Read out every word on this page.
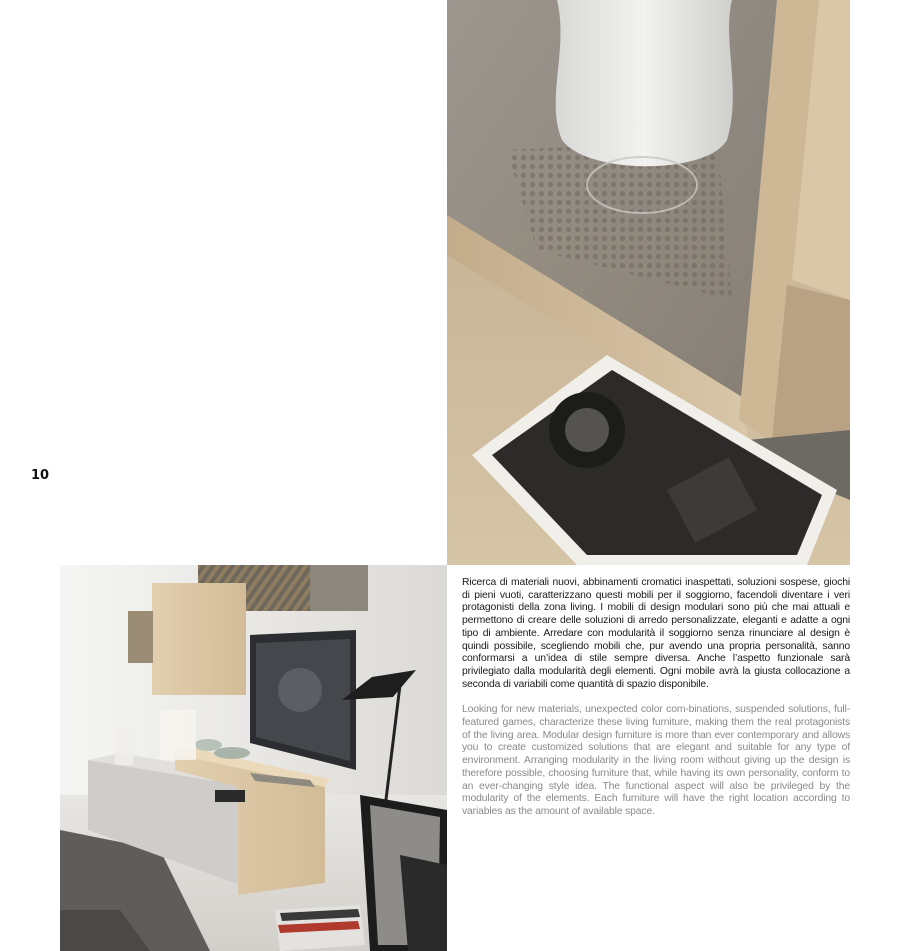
10

Ricerca di materiali nuovi, abbinamenti cromatici inaspettati, soluzioni sospese, giochi di pieni vuoti, caratterizzano questi mobili per il soggiorno, facendoli diventare i veri protagonisti della zona living. I mobili di design modulari sono più che mai attuali e permettono di creare delle soluzioni di arredo personalizzate, eleganti e adatte a ogni tipo di ambiente. Arredare con modularità il soggiorno senza rinunciare al design è quindi possibile, scegliendo mobili che, pur avendo una propria personalità, sanno conformarsi a un’idea di stile sempre diversa. Anche l’aspetto funzionale sarà privilegiato dalla modularità degli elementi. Ogni mobile avrà la giusta collocazione a seconda di variabili come quantità di spazio disponibile.

Looking for new materials, unexpected color com-binations, suspended solutions, full-featured games, characterize these living furniture, making them the real protagonists of the living area. Modular design furniture is more than ever contemporary and allows you to create customized solutions that are elegant and suitable for any type of environment. Arranging modularity in the living room without giving up the design is therefore possible, choosing furniture that, while having its own personality, conform to an ever-changing style idea. The functional aspect will also be privileged by the modularity of the elements. Each furniture will have the right location according to variables as the amount of available space.
